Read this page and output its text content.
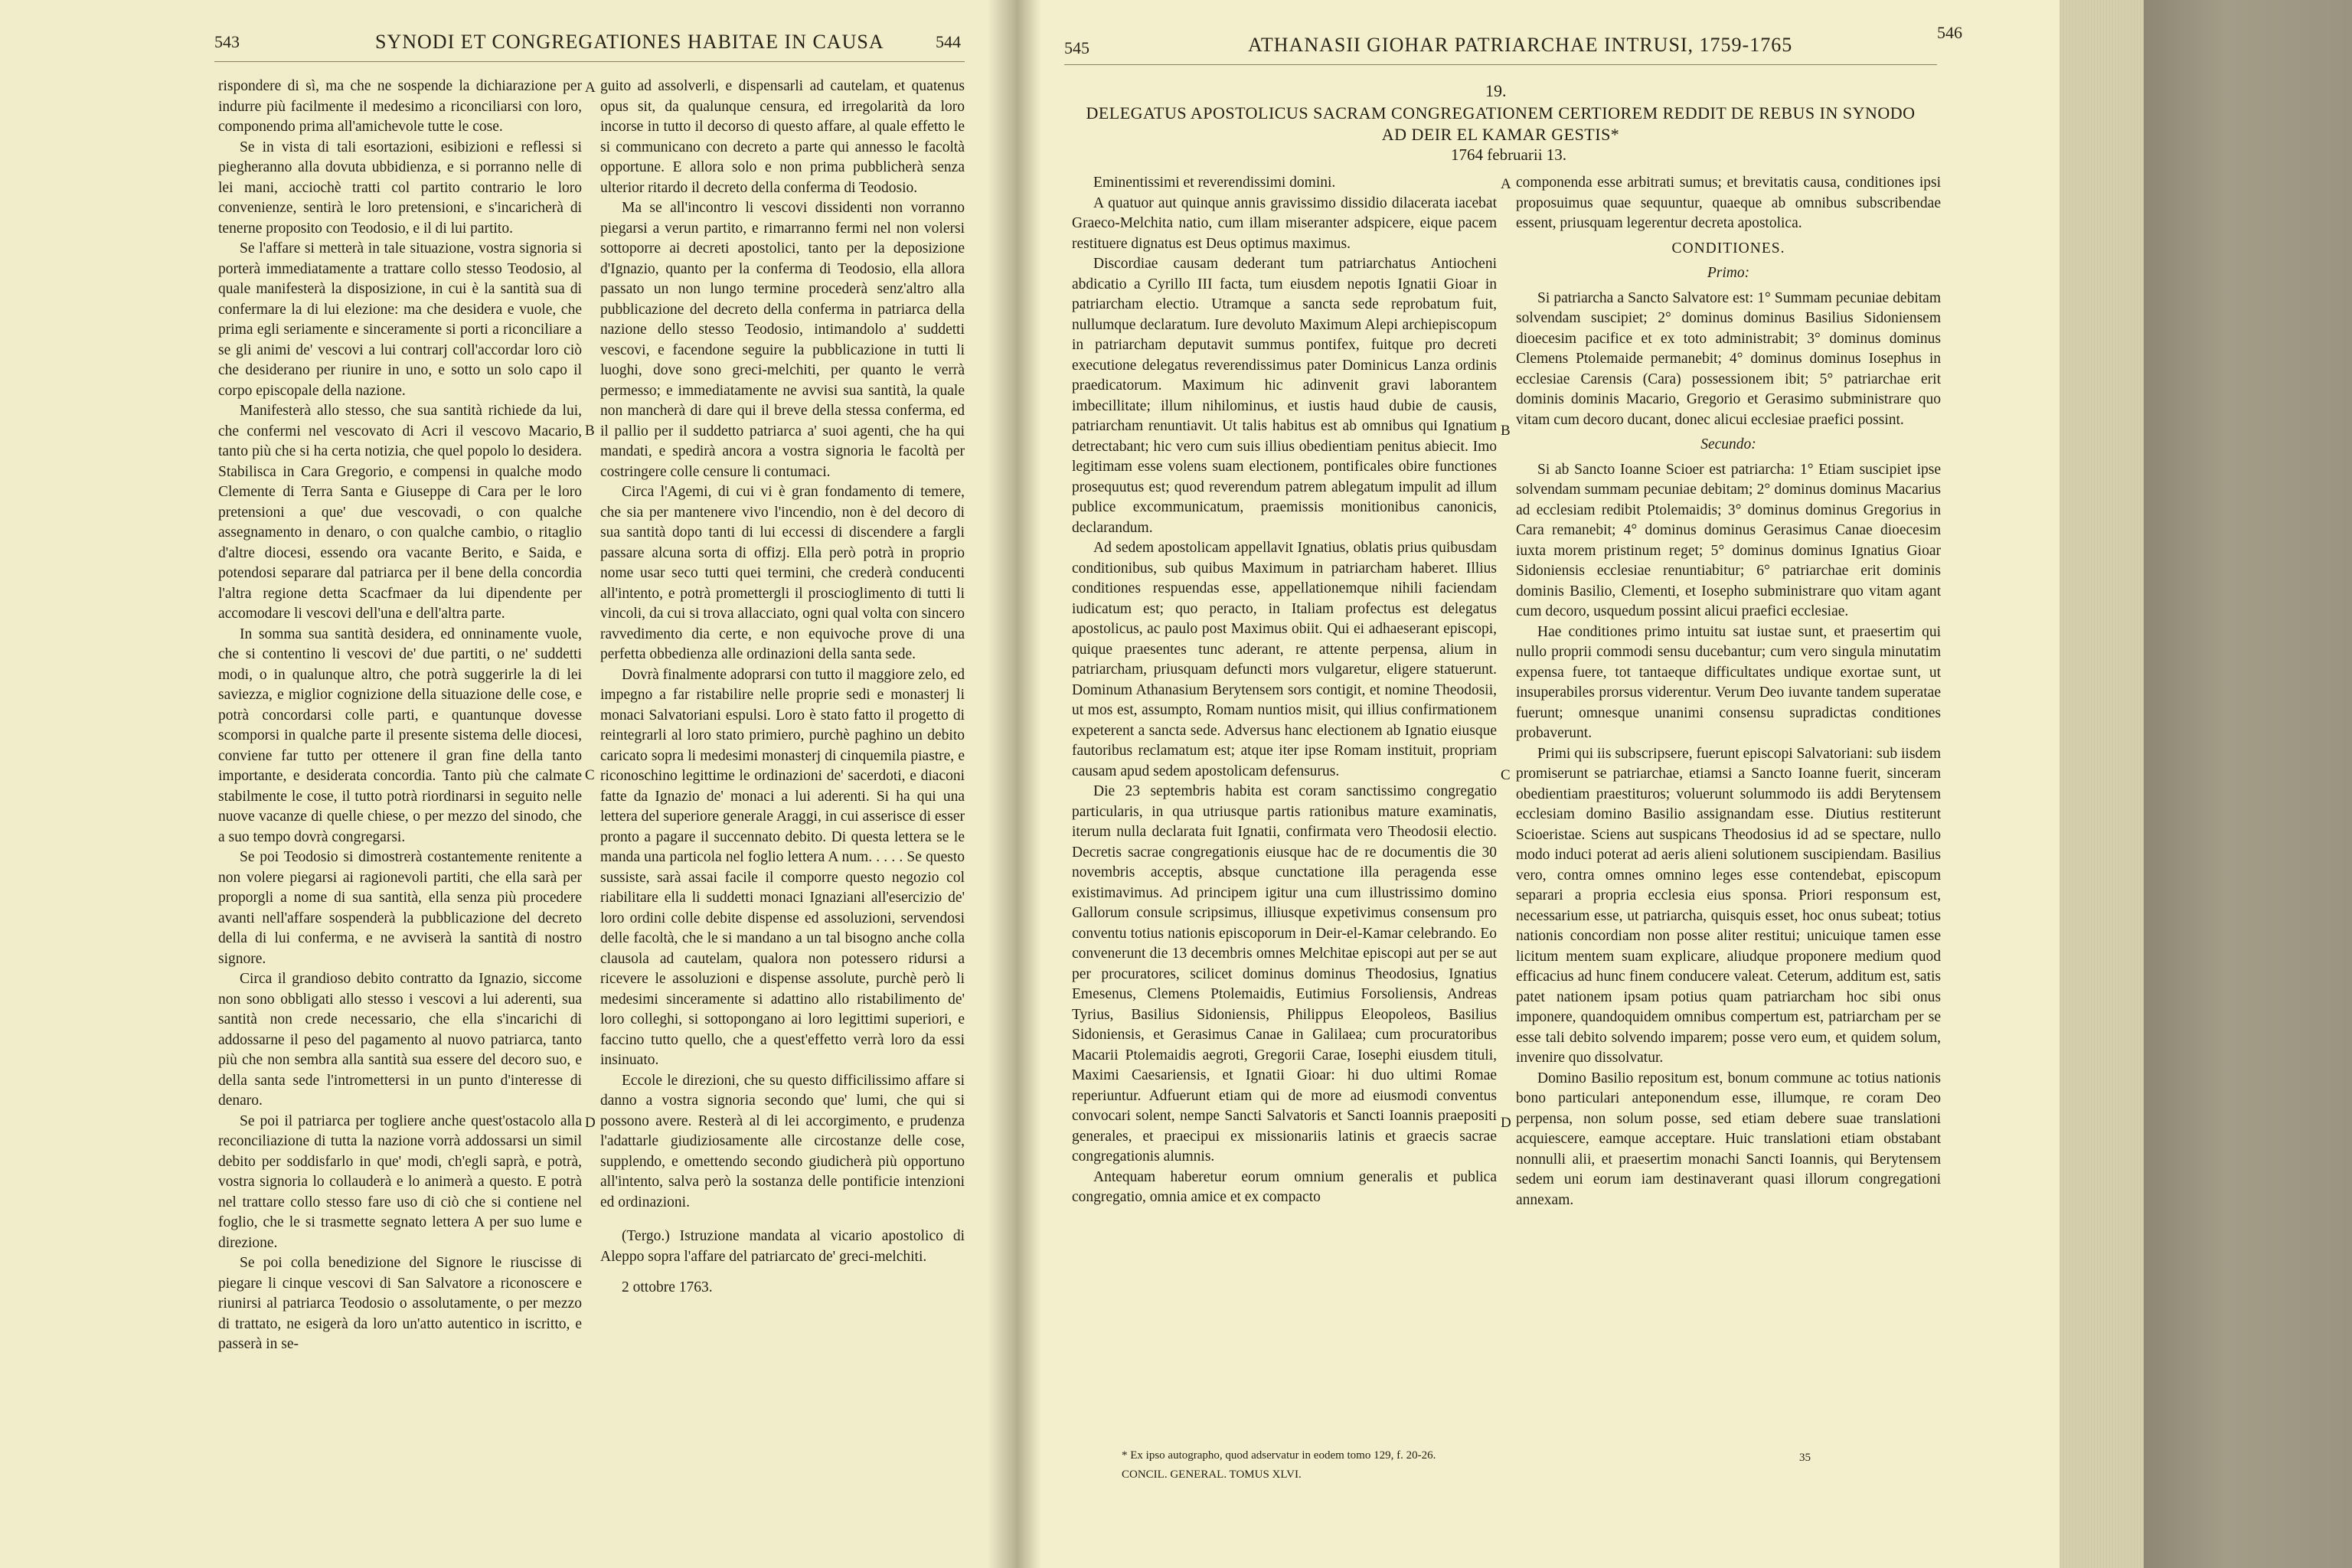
543	SYNODI ET CONGREGATIONES HABITAE IN CAUSA	544

rispondere di sì, ma che ne sospende la dichiarazione per indurre più facilmente il medesimo a riconciliarsi con loro, componendo prima all'amichevole tutte le cose.

Se in vista di tali esortazioni, esibizioni e reflessi si piegheranno alla dovuta ubbidienza, e si porranno nelle di lei mani, acciochè tratti col partito contrario le loro convenienze, sentirà le loro pretensioni, e s'incaricherà di tenerne proposito con Teodosio, e il di lui partito.

Se l'affare si metterà in tale situazione, vostra signoria si porterà immediatamente a trattare collo stesso Teodosio, al quale manifesterà la disposizione, in cui è la santità sua di confermare la di lui elezione: ma che desidera e vuole, che prima egli seriamente e sinceramente si porti a riconciliare a se gli animi de' vescovi a lui contrarj coll'accordar loro ciò che desiderano per riunire in uno, e sotto un solo capo il corpo episcopale della nazione.

Manifesterà allo stesso, che sua santità richiede da lui, che confermi nel vescovato di Acri il vescovo Macario, tanto più che si ha certa notizia, che quel popolo lo desidera. Stabilisca in Cara Gregorio, e compensi in qualche modo Clemente di Terra Santa e Giuseppe di Cara per le loro pretensioni a que' due vescovadi, o con qualche assegnamento in denaro, o con qualche cambio, o ritaglio d'altre diocesi, essendo ora vacante Berito, e Saida, e potendosi separare dal patriarca per il bene della concordia l'altra regione detta Scacfmaer da lui dipendente per accomodare li vescovi dell'una e dell'altra parte.

In somma sua santità desidera, ed onninamente vuole, che si contentino li vescovi de' due partiti, o ne' suddetti modi, o in qualunque altro, che potrà suggerirle la di lei saviezza, e miglior cognizione della situazione delle cose, e potrà concordarsi colle parti, e quantunque dovesse scomporsi in qualche parte il presente sistema delle diocesi, conviene far tutto per ottenere il gran fine della tanto importante, e desiderata concordia. Tanto più che calmate stabilmente le cose, il tutto potrà riordinarsi in seguito nelle nuove vacanze di quelle chiese, o per mezzo del sinodo, che a suo tempo dovrà congregarsi.

Se poi Teodosio si dimostrerà costantemente renitente a non volere piegarsi ai ragionevoli partiti, che ella sarà per proporgli a nome di sua santità, ella senza più procedere avanti nell'affare sospenderà la pubblicazione del decreto della di lui conferma, e ne avviserà la santità di nostro signore.

Circa il grandioso debito contratto da Ignazio, siccome non sono obbligati allo stesso i vescovi a lui aderenti, sua santità non crede necessario, che ella s'incarichi di addossarne il peso del pagamento al nuovo patriarca, tanto più che non sembra alla santità sua essere del decoro suo, e della santa sede l'intromettersi in un punto d'interesse di denaro.

Se poi il patriarca per togliere anche quest'ostacolo alla reconciliazione di tutta la nazione vorrà addossarsi un simil debito per soddisfarlo in que' modi, ch'egli saprà, e potrà, vostra signoria lo collauderà e lo animerà a questo. E potrà nel trattare collo stesso fare uso di ciò che si contiene nel foglio, che le si trasmette segnato lettera A per suo lume e direzione.

Se poi colla benedizione del Signore le riuscisse di piegare li cinque vescovi di San Salvatore a riconoscere e riunirsi al patriarca Teodosio o assolutamente, o per mezzo di trattato, ne esigerà da loro un'atto autentico in iscritto, e passerà in se-

A
B
C
D

guito ad assolverli, e dispensarli ad cautelam, et quatenus opus sit, da qualunque censura, ed irregolarità da loro incorse in tutto il decorso di questo affare, al quale effetto le si communicano con decreto a parte qui annesso le facoltà opportune. E allora solo e non prima pubblicherà senza ulterior ritardo il decreto della conferma di Teodosio.

Ma se all'incontro li vescovi dissidenti non vorranno piegarsi a verun partito, e rimarranno fermi nel non volersi sottoporre ai decreti apostolici, tanto per la deposizione d'Ignazio, quanto per la conferma di Teodosio, ella allora passato un non lungo termine procederà senz'altro alla pubblicazione del decreto della conferma in patriarca della nazione dello stesso Teodosio, intimandolo a' suddetti vescovi, e facendone seguire la pubblicazione in tutti li luoghi, dove sono greci-melchiti, per quanto le verrà permesso; e immediatamente ne avvisi sua santità, la quale non mancherà di dare qui il breve della stessa conferma, ed il pallio per il suddetto patriarca a' suoi agenti, che ha qui mandati, e spedirà ancora a vostra signoria le facoltà per costringere colle censure li contumaci.

Circa l'Agemi, di cui vi è gran fondamento di temere, che sia per mantenere vivo l'incendio, non è del decoro di sua santità dopo tanti di lui eccessi di discendere a fargli passare alcuna sorta di offizj. Ella però potrà in proprio nome usar seco tutti quei termini, che crederà conducenti all'intento, e potrà promettergli il proscioglimento di tutti li vincoli, da cui si trova allacciato, ogni qual volta con sincero ravvedimento dia certe, e non equivoche prove di una perfetta obbedienza alle ordinazioni della santa sede.

Dovrà finalmente adoprarsi con tutto il maggiore zelo, ed impegno a far ristabilire nelle proprie sedi e monasterj li monaci Salvatoriani espulsi. Loro è stato fatto il progetto di reintegrarli al loro stato primiero, purchè paghino un debito caricato sopra li medesimi monasterj di cinquemila piastre, e riconoschino legittime le ordinazioni de' sacerdoti, e diaconi fatte da Ignazio de' monaci a lui aderenti. Si ha qui una lettera del superiore generale Araggi, in cui asserisce di esser pronto a pagare il succennato debito. Di questa lettera se le manda una particola nel foglio lettera A num. . . . . Se questo sussiste, sarà assai facile il comporre questo negozio col riabilitare ella li suddetti monaci Ignaziani all'esercizio de' loro ordini colle debite dispense ed assoluzioni, servendosi delle facoltà, che le si mandano a un tal bisogno anche colla clausola ad cautelam, qualora non potessero ridursi a ricevere le assoluzioni e dispense assolute, purchè però li medesimi sinceramente si adattino allo ristabilimento de' loro colleghi, si sottopongano ai loro legittimi superiori, e faccino tutto quello, che a quest'effetto verrà loro da essi insinuato.

Eccole le direzioni, che su questo difficilissimo affare si danno a vostra signoria secondo que' lumi, che qui si possono avere. Resterà al di lei accorgimento, e prudenza l'adattarle giudiziosamente alle circostanze delle cose, supplendo, e omettendo secondo giudicherà più opportuno all'intento, salva però la sostanza delle pontificie intenzioni ed ordinazioni.

(Tergo.) Istruzione mandata al vicario apostolico di Aleppo sopra l'affare del patriarcato de' greci-melchiti.

2 ottobre 1763.

545	ATHANASII GIOHAR PATRIARCHAE INTRUSI, 1759-1765
546
19.
DELEGATUS APOSTOLICUS SACRAM CONGREGATIONEM CERTIOREM REDDIT DE REBUS IN SYNODO AD DEIR EL KAMAR GESTIS*
1764 februarii 13.

Eminentissimi et reverendissimi domini.

A quatuor aut quinque annis gravissimo dissidio dilacerata iacebat Graeco-Melchita natio, cum illam miseranter adspicere, eique pacem restituere dignatus est Deus optimus maximus.

Discordiae causam dederant tum patriarchatus Antiocheni abdicatio a Cyrillo III facta, tum eiusdem nepotis Ignatii Gioar in patriarcham electio. Utramque a sancta sede reprobatum fuit, nullumque declaratum. Iure devoluto Maximum Alepi archiepiscopum in patriarcham deputavit summus pontifex, fuitque pro decreti executione delegatus reverendissimus pater Dominicus Lanza ordinis praedicatorum. Maximum hic adinvenit gravi laborantem imbecillitate; illum nihilominus, et iustis haud dubie de causis, patriarcham renuntiavit. Ut talis habitus est ab omnibus qui Ignatium detrectabant; hic vero cum suis illius obedientiam penitus abiecit. Imo legitimam esse volens suam electionem, pontificales obire functiones prosequutus est; quod reverendum patrem ablegatum impulit ad illum publice excommunicatum, praemissis monitionibus canonicis, declarandum.

Ad sedem apostolicam appellavit Ignatius, oblatis prius quibusdam conditionibus, sub quibus Maximum in patriarcham haberet. Illius conditiones respuendas esse, appellationemque nihili faciendam iudicatum est; quo peracto, in Italiam profectus est delegatus apostolicus, ac paulo post Maximus obiit. Qui ei adhaeserant episcopi, quique praesentes tunc aderant, re attente perpensa, alium in patriarcham, priusquam defuncti mors vulgaretur, eligere statuerunt. Dominum Athanasium Berytensem sors contigit, et nomine Theodosii, ut mos est, assumpto, Romam nuntios misit, qui illius confirmationem expeterent a sancta sede. Adversus hanc electionem ab Ignatio eiusque fautoribus reclamatum est; atque iter ipse Romam instituit, propriam causam apud sedem apostolicam defensurus.

Die 23 septembris habita est coram sanctissimo congregatio particularis, in qua utriusque partis rationibus mature examinatis, iterum nulla declarata fuit Ignatii, confirmata vero Theodosii electio. Decretis sacrae congregationis eiusque hac de re documentis die 30 novembris acceptis, absque cunctatione illa peragenda esse existimavimus. Ad principem igitur una cum illustrissimo domino Gallorum consule scripsimus, illiusque expetivimus consensum pro conventu totius nationis episcoporum in Deir-el-Kamar celebrando. Eo convenerunt die 13 decembris omnes Melchitae episcopi aut per se aut per procuratores, scilicet dominus dominus Theodosius, Ignatius Emesenus, Clemens Ptolemaidis, Eutimius Forsoliensis, Andreas Tyrius, Basilius Sidoniensis, Philippus Eleopoleos, Basilius Sidoniensis, et Gerasimus Canae in Galilaea; cum procuratoribus Macarii Ptolemaidis aegroti, Gregorii Carae, Iosephi eiusdem tituli, Maximi Caesariensis, et Ignatii Gioar: hi duo ultimi Romae reperiuntur. Adfuerunt etiam qui de more ad eiusmodi conventus convocari solent, nempe Sancti Salvatoris et Sancti Ioannis praepositi generales, et praecipui ex missionariis latinis et graecis sacrae congregationis alumnis.

Antequam haberetur eorum omnium generalis et publica congregatio, omnia amice et ex compacto

A
B
C
D

componenda esse arbitrati sumus; et brevitatis causa, conditiones ipsi proposuimus quae sequuntur, quaeque ab omnibus subscribendae essent, priusquam legerentur decreta apostolica.

CONDITIONES.
Primo:

Si patriarcha a Sancto Salvatore est: 1° Summam pecuniae debitam solvendam suscipiet; 2° dominus dominus Basilius Sidoniensem dioecesim pacifice et ex toto administrabit; 3° dominus dominus Clemens Ptolemaide permanebit; 4° dominus dominus Iosephus in ecclesiae Carensis (Cara) possessionem ibit; 5° patriarchae erit dominis dominis Macario, Gregorio et Gerasimo subministrare quo vitam cum decoro ducant, donec alicui ecclesiae praefici possint.

Secundo:

Si ab Sancto Ioanne Scioer est patriarcha: 1° Etiam suscipiet ipse solvendam summam pecuniae debitam; 2° dominus dominus Macarius ad ecclesiam redibit Ptolemaidis; 3° dominus dominus Gregorius in Cara remanebit; 4° dominus dominus Gerasimus Canae dioecesim iuxta morem pristinum reget; 5° dominus dominus Ignatius Gioar Sidoniensis ecclesiae renuntiabitur; 6° patriarchae erit dominis dominis Basilio, Clementi, et Iosepho subministrare quo vitam agant cum decoro, usquedum possint alicui praefici ecclesiae.

Hae conditiones primo intuitu sat iustae sunt, et praesertim qui nullo proprii commodi sensu ducebantur; cum vero singula minutatim expensa fuere, tot tantaeque difficultates undique exortae sunt, ut insuperabiles prorsus viderentur. Verum Deo iuvante tandem superatae fuerunt; omnesque unanimi consensu supradictas conditiones probaverunt.

Primi qui iis subscripsere, fuerunt episcopi Salvatoriani: sub iisdem promiserunt se patriarchae, etiamsi a Sancto Ioanne fuerit, sinceram obedientiam praestituros; voluerunt solummodo iis addi Berytensem ecclesiam domino Basilio assignandam esse. Diutius restiterunt Scioeristae. Sciens aut suspicans Theodosius id ad se spectare, nullo modo induci poterat ad aeris alieni solutionem suscipiendam. Basilius vero, contra omnes omnino leges esse contendebat, episcopum separari a propria ecclesia eius sponsa. Priori responsum est, necessarium esse, ut patriarcha, quisquis esset, hoc onus subeat; totius nationis concordiam non posse aliter restitui; unicuique tamen esse licitum mentem suam explicare, aliudque proponere medium quod efficacius ad hunc finem conducere valeat. Ceterum, additum est, satis patet nationem ipsam potius quam patriarcham hoc sibi onus imponere, quandoquidem omnibus compertum est, patriarcham per se esse tali debito solvendo imparem; posse vero eum, et quidem solum, invenire quo dissolvatur.

Domino Basilio repositum est, bonum commune ac totius nationis bono particulari anteponendum esse, illumque, re coram Deo perpensa, non solum posse, sed etiam debere suae translationi acquiescere, eamque acceptare. Huic translationi etiam obstabant nonnulli alii, et praesertim monachi Sancti Ioannis, qui Berytensem sedem uni eorum iam destinaverant quasi illorum congregationi annexam.

* Ex ipso autographo, quod adservatur in eodem tomo 129, f. 20-26.
CONCIL. GENERAL. TOMUS XLVI.
35
